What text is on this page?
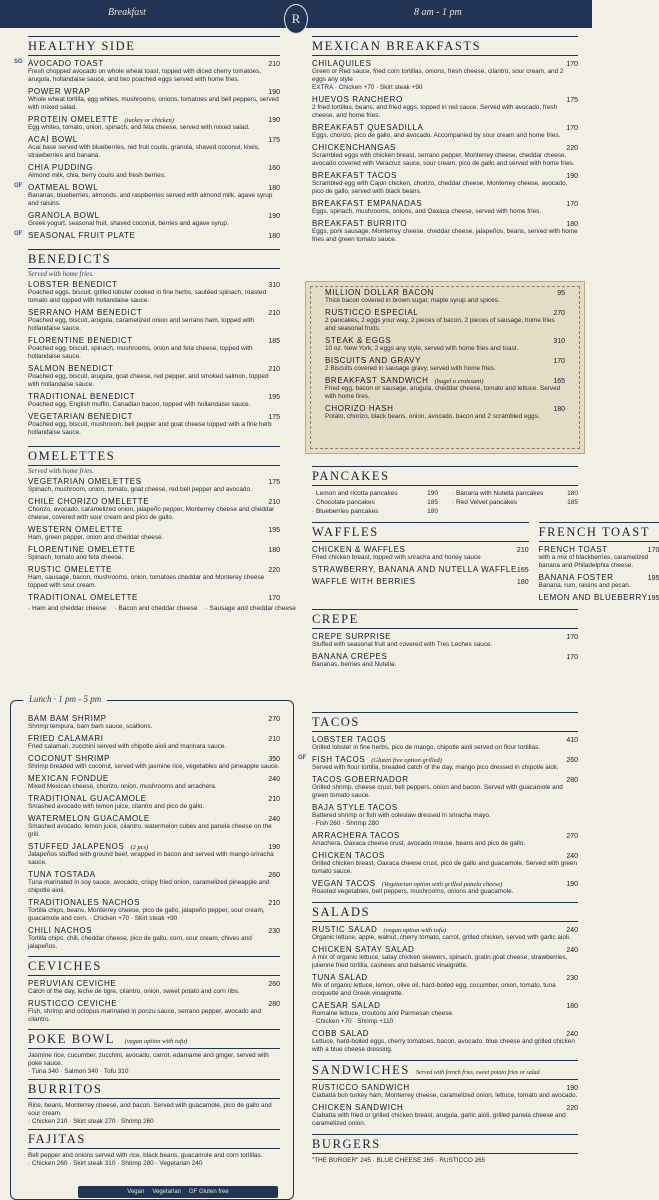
Breakfast	8 am - 1 pm
R
HEALTHY SIDE
SG AVOCADO TOAST	210
Fresh chopped avocado on whole wheat toast, topped with diced cherry tomatoes, arugula, hollandaise sauce, and two poached eggs served with home fries.
POWER WRAP	190
Whole wheat tortilla, egg whites, mushrooms, onions, tomatoes and bell peppers, served with mixed salad.
PROTEIN OMELETTE (turkey or chicken)	190
Egg whites, tomato, onion, spinach, and feta cheese, served with mixed salad.
ACAÍ BOWL	175
Acaí base served with blueberries, red fruit coulis, granola, shaved coconut, kiwis, strawberries and banana.
CHIA PUDDING	160
Almond milk, chia, berry coulis and fresh berries.
GF OATMEAL BOWL	180
Bananas, blueberries, almonds, and raspberries served with almond milk, agave syrup and raisins.
GRANOLA BOWL	190
Greek yogurt, seasonal fruit, shaved coconut, berries and agave syrup.
GF SEASONAL FRUIT PLATE	180
BENEDICTS
Served with home fries.
LOBSTER BENEDICT	310
Poached eggs, biscuit, grilled lobster cooked in fine herbs, sautéed spinach, roasted tomato and topped with hollandaise sauce.
SERRANO HAM BENEDICT	210
Poached egg, biscuit, arugula, caramelized onion and serrano ham, topped with hollandaise sauce.
FLORENTINE BENEDICT	185
Poached egg, biscuit, spinach, mushrooms, onion and feta cheese, topped with hollandaise sauce.
SALMON BENEDICT	210
Poached egg, biscuit, arugula, goat cheese, red pepper, and smoked salmon, topped with hollandaise sauce.
TRADITIONAL BENEDICT	195
Poached egg, English muffin, Canadian bacon, topped with hollandaise sauce.
VEGETARIAN BENEDICT	175
Poached egg, biscuit, mushroom, bell pepper and goat cheese topped with a fine herb hollandaise sauce.
OMELETTES
Served with home fries.
VEGETARIAN OMELETTES	175
Spinach, mushroom, onion, tomato, goat cheese, red bell pepper and avocado.
CHILE CHORIZO OMELETTE	210
Chorizo, avocado, caramelized onion, jalapeño pepper, Monterrey cheese and cheddar cheese, covered with sour cream and pico de gallo.
WESTERN OMELETTE	195
Ham, green pepper, onion and cheddar cheese.
FLORENTINE OMELETTE	180
Spinach, tomato and feta cheese.
RUSTIC OMELETTE	220
Ham, sausage, bacon, mushrooms, onion, tomatoes cheddar and Monterey cheese topped with sour cream.
TRADITIONAL OMELETTE	170
· Ham and cheddar cheese · Bacon and cheddar cheese · Sausage and cheddar cheese
MEXICAN BREAKFASTS
CHILAQUILES	170
Green or Red sauce, fried corn tortillas, onions, fresh cheese, cilantro, sour cream, and 2 eggs any style
EXTRA · Chicken +70 · Skirt steak +90
HUEVOS RANCHERO	175
2 fried tortillas, beans, and fried eggs, topped in red sauce. Served with avocado, fresh cheese, and home fries.
BREAKFAST QUESADILLA	170
Eggs, chorizo, pico de gallo, and avocado. Accompanied by sour cream and home fries.
CHICKENCHANGAS	220
Scrambled eggs with chicken breast, serrano pepper, Monterrey cheese, cheddar cheese, avocado covered with Veracruz sauce, sour cream, pico de gallo and served with home fries.
BREAKFAST TACOS	190
Scrambled egg with Cajun chicken, chorizo, cheddar cheese, Monterrey cheese, avocado, pico de gallo, served with black beans.
BREAKFAST EMPANADAS	170
Eggs, spinach, mushrooms, onions, and Oaxaca cheese, served with home fries.
BREAKFAST BURRITO	180
Eggs, pork sausage, Monterrey cheese, cheddar cheese, jalapeños, beans, served with home fries and green tomato sauce.
MILLION DOLLAR BACON	95
Thick bacon covered in brown sugar, maple syrup and spices.
RUSTICCO ESPECIAL	270
2 pancakes, 2 eggs your way, 2 pieces of bacon, 2 pieces of sausage, home fries and seasonal fruits.
STEAK & EGGS	310
10 oz. New York, 2 eggs any style, served with home fries and toast.
BISCUITS AND GRAVY	170
2 Biscuits covered in sausage gravy, served with home fries.
BREAKFAST SANDWICH (bagel o croissant)	165
Fried egg, bacon or sausage, arugula, cheddar cheese, tomato and lettuce. Served with home fires.
CHORIZO HASH	180
Potato, chorizo, black beans, onion, avocado, bacon and 2 scrambled eggs.
PANCAKES
· Lemon and ricotta pancakes	190
· Chocolate pancakes	185
· Blueberries pancakes	180
· Banana with Nutella pancakes	180
· Red Velvet pancakes	185
WAFFLES
CHICKEN & WAFFLES	210
Fried chicken breast, topped with sriracha and honey sauce
STRAWBERRY, BANANA AND NUTELLA WAFFLE 165
WAFFLE WITH BERRIES	180
FRENCH TOAST
FRENCH TOAST	170
with a mix of blackberries, caramelized banana and Philadelphia cheese.
BANANA FOSTER	195
Banana, rum, raisins and pecan.
LEMON AND BLUEBERRY 195
CREPE
CREPE SURPRISE	170
Stuffed with seasonal fruit and covered with Tres Leches sauce.
BANANA CREPES	170
Bananas, berries and Nutella.
Lunch · 1 pm - 5 pm
BAM BAM SHRIMP	270
Shrimp tempura, bam bam sauce, scallions.
FRIED CALAMARI	210
Fried calamari, zucchini served with chipotle aioli and marinara sauce.
COCONUT SHRIMP	350
Shrimp breaded with coconut, served with jasmine rice, vegetables and pineapple sauce.
MEXICAN FONDUE	240
Mixed Mexican cheese, chorizo, onion, mushrooms and arrachera.
TRADITIONAL GUACAMOLE	210
Smashed avocado with lemon juice, cilantro and pico de gallo.
WATERMELON GUACAMOLE	240
Smashed avocado, lemon juice, cilantro, watermelon cubes and panela cheese on the grill.
STUFFED JALAPENOS (2 pcs)	190
Jalapeños stuffed with ground beef, wrapped in bacon and served with mango-sriracha sauce.
TUNA TOSTADA	260
Tuna marinated in soy sauce, avocado, crispy fried onion, caramelized pineapple and chipotle aioli.
TRADITIONALES NACHOS	210
Tortilla chips, beans, Monterrey cheese, pico de gallo, jalapeño pepper, sour cream, guacamole and corn. · Chicken +70 · Skirt steak +90
CHILI NACHOS	230
Tortilla chips, chili, cheddar cheese, pico de gallo, corn, sour cream, chives and jalapeños.
CEVICHES
PERUVIAN CEVICHE	260
Catch of the day, leche de tigre, cilantro, onion, sweet potato and corn ribs.
RUSTICCO CEVICHE	280
Fish, shrimp and octopus marinated in ponzu sauce, serrano pepper, avocado and cilantro.
POKE BOWL (vegan option with tofu)
Jasmine rice, cucumber, zucchini, avocado, carrot, edamame and ginger, served with poke sauce.
· Tuna 340 · Salmon 340 · Tofu 310
BURRITOS
Rice, beans, Monterrey cheese, and bacon. Served with guacamole, pico de gallo and sour cream.
· Chicken 210 · Skirt steak 270 · Shrimp 260
FAJITAS
Bell pepper and onions served with rice, black beans, guacamole and corn tortillas.
· Chicken 260 · Skirt steak 310 · Shrimp 280 · Vegetarian 240
TACOS
LOBSTER TACOS	410
Grilled lobster in fine herbs, pico de mango, chipotle aioli served on flour tortillas.
GF FISH TACOS (Gluten free option grilled)	260
Served with flour tortilla, breaded catch of the day, mango pico dressed in chipotle aioli.
TACOS GOBERNADOR	280
Grilled shrimp, cheese crust, bell peppers, onion and bacon. Served with guacamole and green tomato sauce.
BAJA STYLE TACOS
Battered shrimp or fish with coleslaw dressed in sriracha mayo.
· Fish 260 · Shrimp 280
ARRACHERA TACOS	270
Arrachera, Oaxaca cheese crust, avocado mouse, beans and pico de gallo.
CHICKEN TACOS	240
Grilled chicken breast, Oaxaca cheese crust, pico de gallo and guacamole. Served with green tomato sauce.
VEGAN TACOS (Vegetarian option with grilled panela cheese)	190
Roasted vegetables, bell peppers, mushrooms, onions and guacamole.
SALADS
RUSTIC SALAD (vegan option with tofu)	240
Organic lettuce, apple, walnut, cherry tomato, carrot, grilled chicken, served with garlic aioli.
CHICKEN SATAY SALAD	240
A mix of organic lettuce, satay chicken skewers, spinach, gratin goat cheese, strawberries, julienne fried tortilla, cashews and balsamic vinaigrette.
TUNA SALAD	230
Mix of organic lettuce, lemon, olive oil, hard-boiled egg, cucumber, onion, tomato, tuna croquette and Greek vinaigrette.
CAESAR SALAD	180
Romaine lettuce, croutons and Parmesan cheese.
· Chicken +70 · Shrimp +110
COBB SALAD	240
Lettuce, hard-boiled eggs, cherry tomatoes, bacon, avocado, blue cheese and grilled chicken with a blue cheese dressing.
SANDWICHES Served with french fries, sweet potato fries or salad.
RUSTICCO SANDWICH	190
Ciabatta bun turkey ham, Monterrey cheese, caramelized onion, lettuce, tomato and avocado.
CHICKEN SANDWICH	220
Ciabatta with fried or grilled chicken breast, arugula, garlic aioli, grilled panela cheese and caramelized onion.
BURGERS
"THE BURGER" 245 · BLUE CHEESE 265 · RUSTICCO 265
Vegan Vegetarian GF Gluten free
